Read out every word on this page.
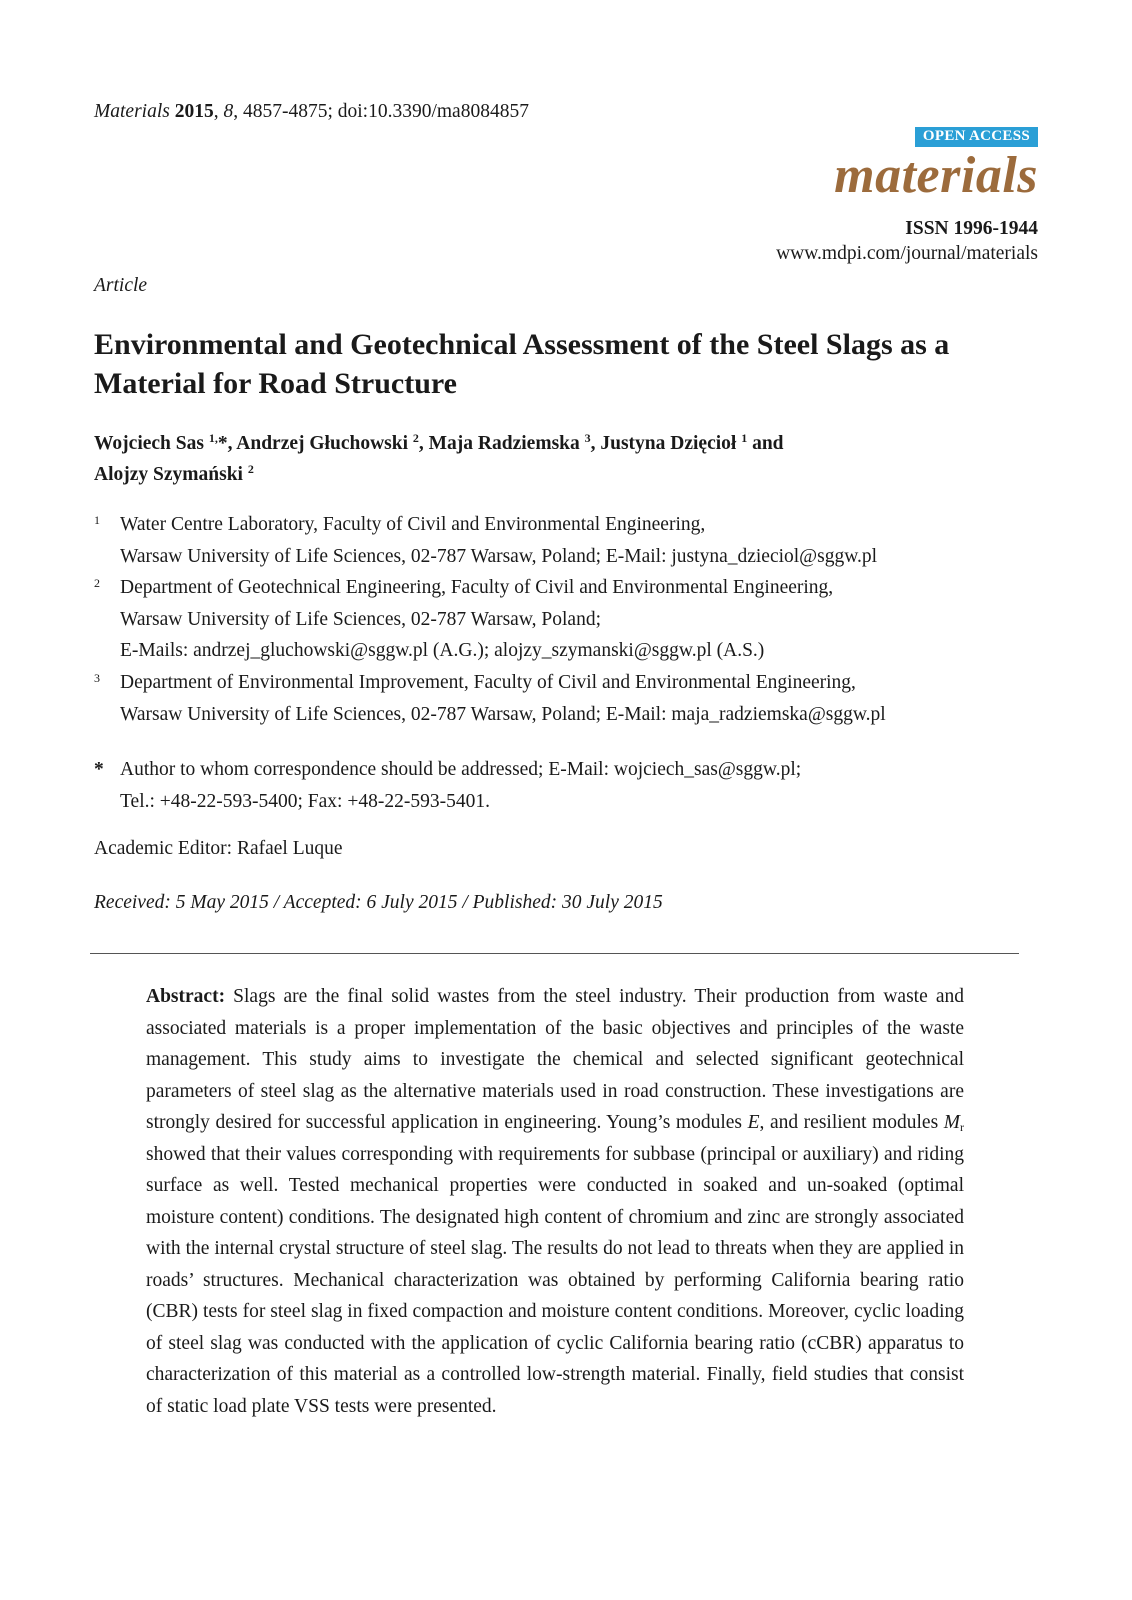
Materials 2015, 8, 4857-4875; doi:10.3390/ma8084857
OPEN ACCESS
materials
ISSN 1996-1944
www.mdpi.com/journal/materials
Article
Environmental and Geotechnical Assessment of the Steel Slags as a Material for Road Structure
Wojciech Sas $^{1,}$*, Andrzej Głuchowski $^2$, Maja Radziemska $^3$, Justyna Dzięcioł $^1$ and
Alojzy Szymański $^2$
1 Water Centre Laboratory, Faculty of Civil and Environmental Engineering,
Warsaw University of Life Sciences, 02-787 Warsaw, Poland; E-Mail: justyna_dzieciol@sggw.pl
2 Department of Geotechnical Engineering, Faculty of Civil and Environmental Engineering,
Warsaw University of Life Sciences, 02-787 Warsaw, Poland;
E-Mails: andrzej_gluchowski@sggw.pl (A.G.); alojzy_szymanski@sggw.pl (A.S.)
3 Department of Environmental Improvement, Faculty of Civil and Environmental Engineering,
Warsaw University of Life Sciences, 02-787 Warsaw, Poland; E-Mail: maja_radziemska@sggw.pl
* Author to whom correspondence should be addressed; E-Mail: wojciech_sas@sggw.pl;
Tel.: +48-22-593-5400; Fax: +48-22-593-5401.
Academic Editor: Rafael Luque
Received: 5 May 2015 / Accepted: 6 July 2015 / Published: 30 July 2015
Abstract: Slags are the final solid wastes from the steel industry. Their production from waste and associated materials is a proper implementation of the basic objectives and principles of the waste management. This study aims to investigate the chemical and selected significant geotechnical parameters of steel slag as the alternative materials used in road construction. These investigations are strongly desired for successful application in engineering. Young’s modules E, and resilient modules $M_r$ showed that their values corresponding with requirements for subbase (principal or auxiliary) and riding surface as well. Tested mechanical properties were conducted in soaked and un-soaked (optimal moisture content) conditions. The designated high content of chromium and zinc are strongly associated with the internal crystal structure of steel slag. The results do not lead to threats when they are applied in roads’ structures. Mechanical characterization was obtained by performing California bearing ratio (CBR) tests for steel slag in fixed compaction and moisture content conditions. Moreover, cyclic loading of steel slag was conducted with the application of cyclic California bearing ratio (cCBR) apparatus to characterization of this material as a controlled low-strength material. Finally, field studies that consist of static load plate VSS tests were presented.
